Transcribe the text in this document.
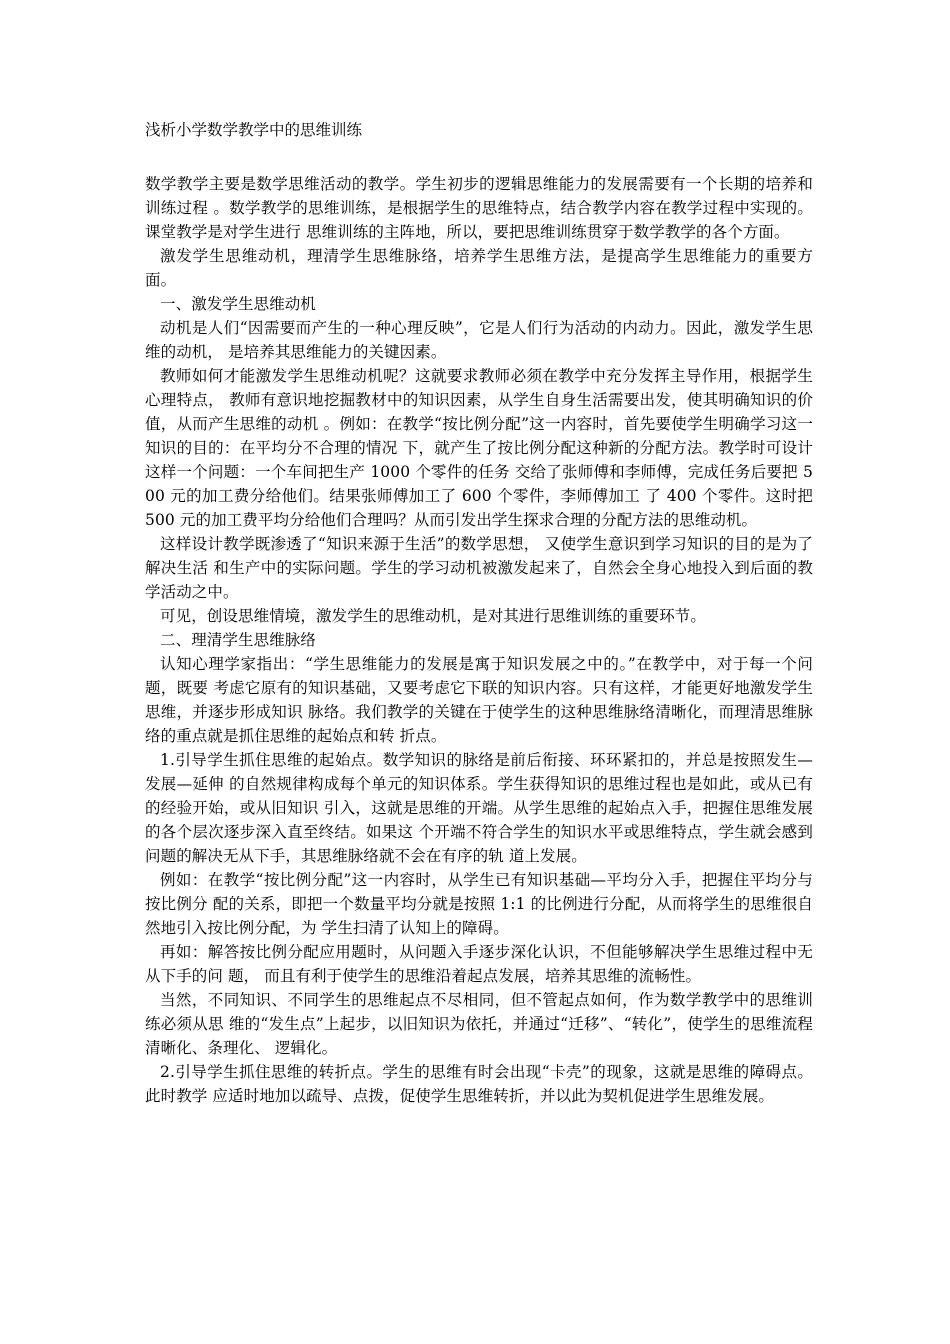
浅析小学数学教学中的思维训练

数学教学主要是数学思维活动的教学。学生初步的逻辑思维能力的发展需要有一个长期的培养和训练过程 。数学教学的思维训练，是根据学生的思维特点，结合教学内容在教学过程中实现的。课堂教学是对学生进行 思维训练的主阵地，所以，要把思维训练贯穿于数学教学的各个方面。

激发学生思维动机，理清学生思维脉络，培养学生思维方法，是提高学生思维能力的重要方面。

一、激发学生思维动机

动机是人们“因需要而产生的一种心理反映”，它是人们行为活动的内动力。因此，激发学生思维的动机， 是培养其思维能力的关键因素。

教师如何才能激发学生思维动机呢？这就要求教师必须在教学中充分发挥主导作用，根据学生心理特点， 教师有意识地挖掘教材中的知识因素，从学生自身生活需要出发，使其明确知识的价值，从而产生思维的动机 。例如：在教学“按比例分配”这一内容时，首先要使学生明确学习这一知识的目的：在平均分不合理的情况 下，就产生了按比例分配这种新的分配方法。教学时可设计这样一个问题：一个车间把生产 1000 个零件的任务 交给了张师傅和李师傅，完成任务后要把 500 元的加工费分给他们。结果张师傅加工了 600 个零件，李师傅加工 了 400 个零件。这时把 500 元的加工费平均分给他们合理吗？从而引发出学生探求合理的分配方法的思维动机。

这样设计教学既渗透了“知识来源于生活”的数学思想， 又使学生意识到学习知识的目的是为了解决生活 和生产中的实际问题。学生的学习动机被激发起来了，自然会全身心地投入到后面的教学活动之中。

可见，创设思维情境，激发学生的思维动机，是对其进行思维训练的重要环节。

二、理清学生思维脉络

认知心理学家指出：“学生思维能力的发展是寓于知识发展之中的。”在教学中，对于每一个问题，既要 考虑它原有的知识基础，又要考虑它下联的知识内容。只有这样，才能更好地激发学生思维，并逐步形成知识 脉络。我们教学的关键在于使学生的这种思维脉络清晰化，而理清思维脉络的重点就是抓住思维的起始点和转 折点。

1.引导学生抓住思维的起始点。数学知识的脉络是前后衔接、环环紧扣的，并总是按照发生—发展—延伸 的自然规律构成每个单元的知识体系。学生获得知识的思维过程也是如此，或从已有的经验开始，或从旧知识 引入，这就是思维的开端。从学生思维的起始点入手，把握住思维发展的各个层次逐步深入直至终结。如果这 个开端不符合学生的知识水平或思维特点，学生就会感到问题的解决无从下手，其思维脉络就不会在有序的轨 道上发展。

例如：在教学“按比例分配”这一内容时，从学生已有知识基础—平均分入手，把握住平均分与按比例分 配的关系，即把一个数量平均分就是按照 1:1 的比例进行分配，从而将学生的思维很自然地引入按比例分配，为 学生扫清了认知上的障碍。

再如：解答按比例分配应用题时，从问题入手逐步深化认识，不但能够解决学生思维过程中无从下手的问 题， 而且有利于使学生的思维沿着起点发展，培养其思维的流畅性。

当然，不同知识、不同学生的思维起点不尽相同，但不管起点如何，作为数学教学中的思维训练必须从思 维的“发生点”上起步，以旧知识为依托，并通过“迁移”、“转化”，使学生的思维流程清晰化、条理化、 逻辑化。

2.引导学生抓住思维的转折点。学生的思维有时会出现“卡壳”的现象，这就是思维的障碍点。此时教学 应适时地加以疏导、点拨，促使学生思维转折，并以此为契机促进学生思维发展。
